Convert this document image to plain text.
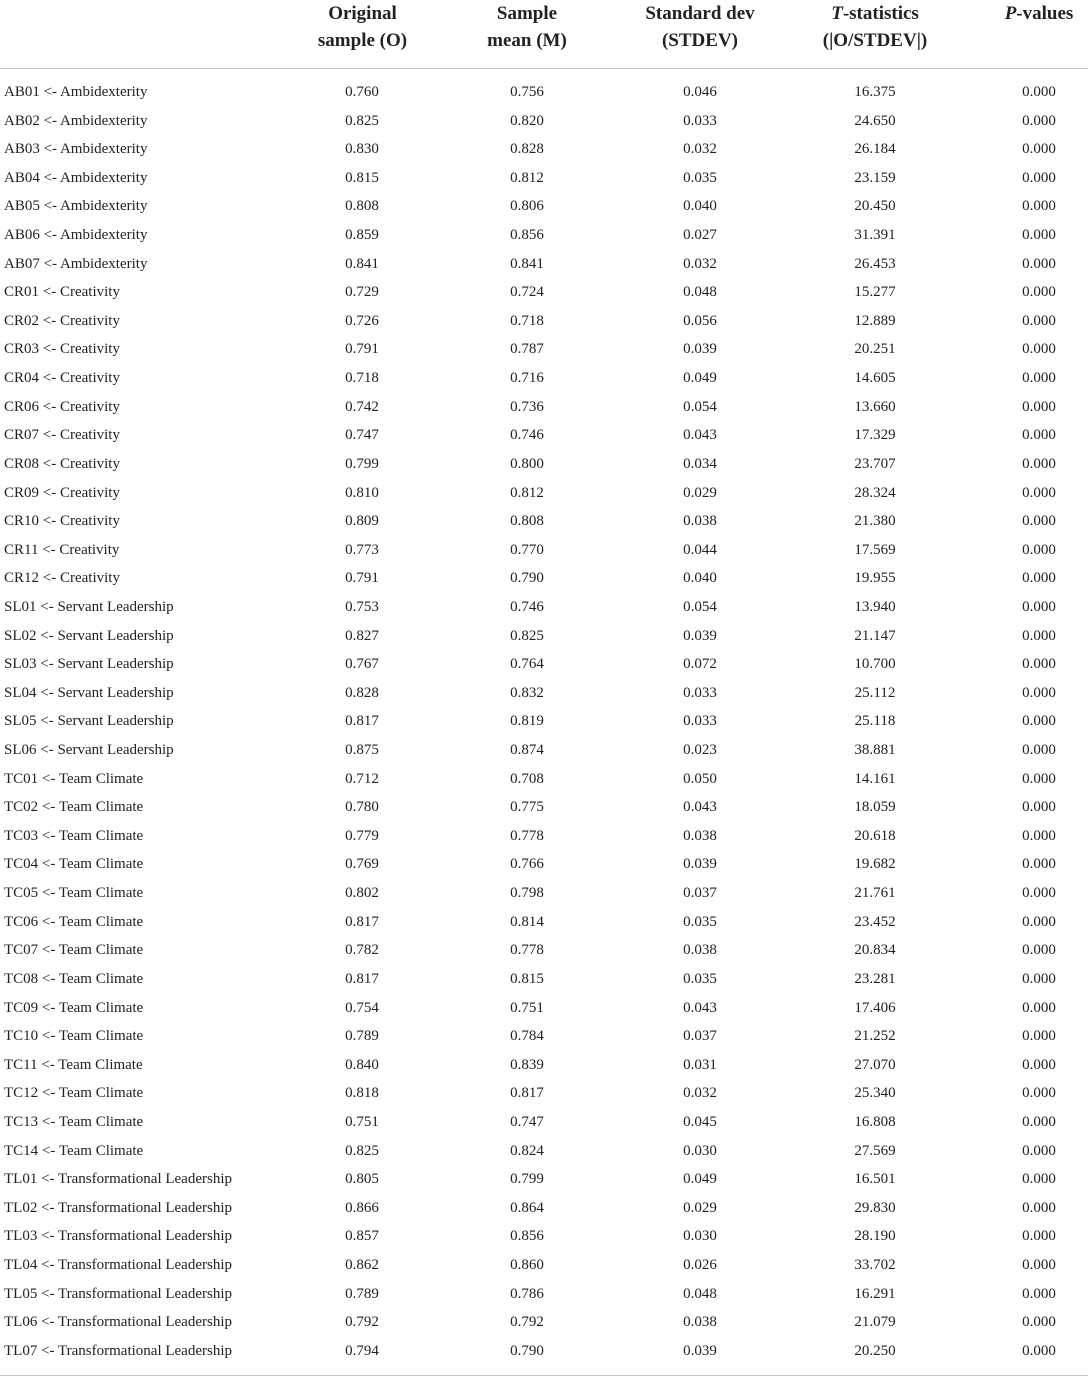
Original
sample (O)
Sample
mean (M)
Standard dev
(STDEV)
T-statistics
(|O/STDEV|)
P-values
AB01 <- Ambidexterity	0.760	0.756	0.046	16.375	0.000
AB02 <- Ambidexterity	0.825	0.820	0.033	24.650	0.000
AB03 <- Ambidexterity	0.830	0.828	0.032	26.184	0.000
AB04 <- Ambidexterity	0.815	0.812	0.035	23.159	0.000
AB05 <- Ambidexterity	0.808	0.806	0.040	20.450	0.000
AB06 <- Ambidexterity	0.859	0.856	0.027	31.391	0.000
AB07 <- Ambidexterity	0.841	0.841	0.032	26.453	0.000
CR01 <- Creativity	0.729	0.724	0.048	15.277	0.000
CR02 <- Creativity	0.726	0.718	0.056	12.889	0.000
CR03 <- Creativity	0.791	0.787	0.039	20.251	0.000
CR04 <- Creativity	0.718	0.716	0.049	14.605	0.000
CR06 <- Creativity	0.742	0.736	0.054	13.660	0.000
CR07 <- Creativity	0.747	0.746	0.043	17.329	0.000
CR08 <- Creativity	0.799	0.800	0.034	23.707	0.000
CR09 <- Creativity	0.810	0.812	0.029	28.324	0.000
CR10 <- Creativity	0.809	0.808	0.038	21.380	0.000
CR11 <- Creativity	0.773	0.770	0.044	17.569	0.000
CR12 <- Creativity	0.791	0.790	0.040	19.955	0.000
SL01 <- Servant Leadership	0.753	0.746	0.054	13.940	0.000
SL02 <- Servant Leadership	0.827	0.825	0.039	21.147	0.000
SL03 <- Servant Leadership	0.767	0.764	0.072	10.700	0.000
SL04 <- Servant Leadership	0.828	0.832	0.033	25.112	0.000
SL05 <- Servant Leadership	0.817	0.819	0.033	25.118	0.000
SL06 <- Servant Leadership	0.875	0.874	0.023	38.881	0.000
TC01 <- Team Climate	0.712	0.708	0.050	14.161	0.000
TC02 <- Team Climate	0.780	0.775	0.043	18.059	0.000
TC03 <- Team Climate	0.779	0.778	0.038	20.618	0.000
TC04 <- Team Climate	0.769	0.766	0.039	19.682	0.000
TC05 <- Team Climate	0.802	0.798	0.037	21.761	0.000
TC06 <- Team Climate	0.817	0.814	0.035	23.452	0.000
TC07 <- Team Climate	0.782	0.778	0.038	20.834	0.000
TC08 <- Team Climate	0.817	0.815	0.035	23.281	0.000
TC09 <- Team Climate	0.754	0.751	0.043	17.406	0.000
TC10 <- Team Climate	0.789	0.784	0.037	21.252	0.000
TC11 <- Team Climate	0.840	0.839	0.031	27.070	0.000
TC12 <- Team Climate	0.818	0.817	0.032	25.340	0.000
TC13 <- Team Climate	0.751	0.747	0.045	16.808	0.000
TC14 <- Team Climate	0.825	0.824	0.030	27.569	0.000
TL01 <- Transformational Leadership	0.805	0.799	0.049	16.501	0.000
TL02 <- Transformational Leadership	0.866	0.864	0.029	29.830	0.000
TL03 <- Transformational Leadership	0.857	0.856	0.030	28.190	0.000
TL04 <- Transformational Leadership	0.862	0.860	0.026	33.702	0.000
TL05 <- Transformational Leadership	0.789	0.786	0.048	16.291	0.000
TL06 <- Transformational Leadership	0.792	0.792	0.038	21.079	0.000
TL07 <- Transformational Leadership	0.794	0.790	0.039	20.250	0.000
